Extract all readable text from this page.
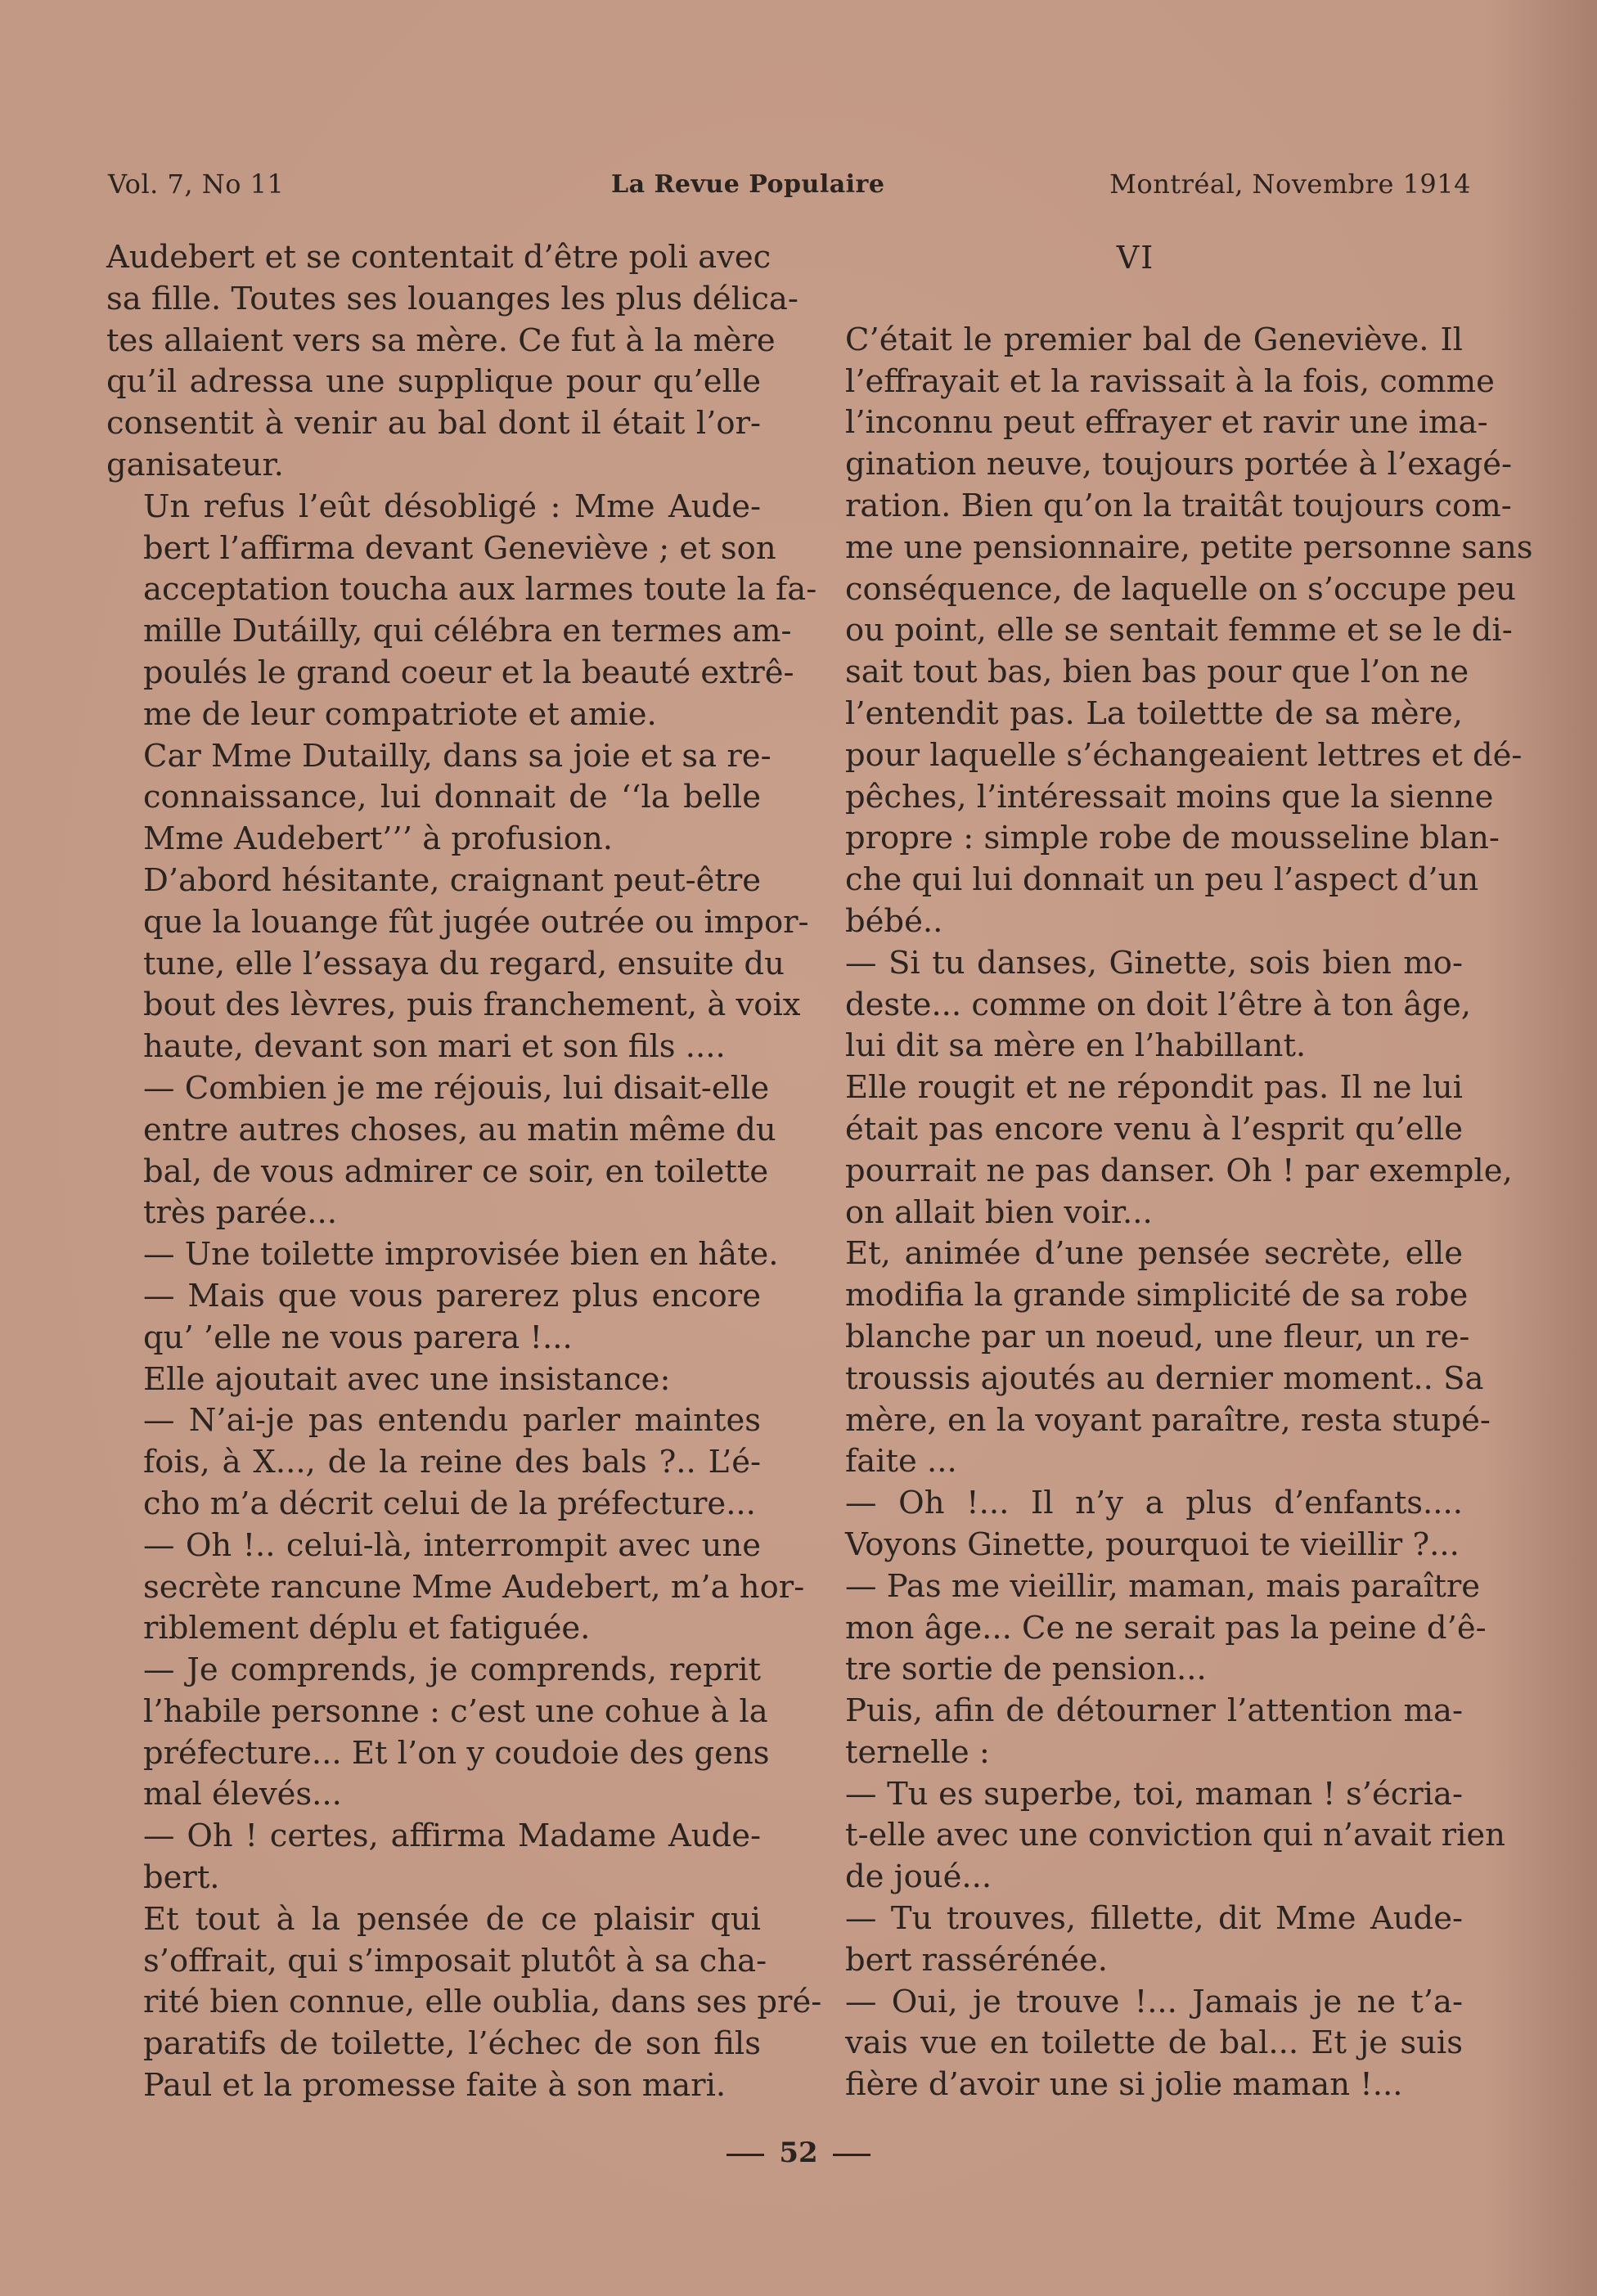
Vol. 7, No 11	La Revue Populaire	Montréal, Novembre 1914

Audebert et se contentait d’être poli avec
sa fille. Toutes ses louanges les plus délica-
tes allaient vers sa mère. Ce fut à la mère
qu’il adressa une supplique pour qu’elle
consentit à venir au bal dont il était l’or-
ganisateur.

Un refus l’eût désobligé : Mme Aude-
bert l’affirma devant Geneviève ; et son
acceptation toucha aux larmes toute la fa-
mille Dutáilly, qui célébra en termes am-
poulés le grand coeur et la beauté extrê-
me de leur compatriote et amie.

Car Mme Dutailly, dans sa joie et sa re-
connaissance, lui donnait de ‘‘la belle
Mme Audebert’’’ à profusion.

D’abord hésitante, craignant peut-être
que la louange fût jugée outrée ou impor-
tune, elle l’essaya du regard, ensuite du
bout des lèvres, puis franchement, à voix
haute, devant son mari et son fils ....

— Combien je me réjouis, lui disait-elle
entre autres choses, au matin même du
bal, de vous admirer ce soir, en toilette
très parée...

— Une toilette improvisée bien en hâte.

— Mais que vous parerez plus encore
qu’ ’elle ne vous parera !...

Elle ajoutait avec une insistance:

— N’ai-je pas entendu parler maintes
fois, à X..., de la reine des bals ?.. L’é-
cho m’a décrit celui de la préfecture...

— Oh !.. celui-là, interrompit avec une
secrète rancune Mme Audebert, m’a hor-
riblement déplu et fatiguée.

— Je comprends, je comprends, reprit
l’habile personne : c’est une cohue à la
préfecture... Et l’on y coudoie des gens
mal élevés...

— Oh ! certes, affirma Madame Aude-
bert.

Et tout à la pensée de ce plaisir qui
s’offrait, qui s’imposait plutôt à sa cha-
rité bien connue, elle oublia, dans ses pré-
paratifs de toilette, l’échec de son fils
Paul et la promesse faite à son mari.

VI

C’était le premier bal de Geneviève. Il
l’effrayait et la ravissait à la fois, comme
l’inconnu peut effrayer et ravir une ima-
gination neuve, toujours portée à l’exagé-
ration. Bien qu’on la traitât toujours com-
me une pensionnaire, petite personne sans
conséquence, de laquelle on s’occupe peu
ou point, elle se sentait femme et se le di-
sait tout bas, bien bas pour que l’on ne
l’entendit pas. La toilettte de sa mère,
pour laquelle s’échangeaient lettres et dé-
pêches, l’intéressait moins que la sienne
propre : simple robe de mousseline blan-
che qui lui donnait un peu l’aspect d’un
bébé..

— Si tu danses, Ginette, sois bien mo-
deste... comme on doit l’être à ton âge,
lui dit sa mère en l’habillant.

Elle rougit et ne répondit pas. Il ne lui
était pas encore venu à l’esprit qu’elle
pourrait ne pas danser. Oh ! par exemple,
on allait bien voir...

Et, animée d’une pensée secrète, elle
modifia la grande simplicité de sa robe
blanche par un noeud, une fleur, un re-
troussis ajoutés au dernier moment.. Sa
mère, en la voyant paraître, resta stupé-
faite ...

— Oh !... Il n’y a plus d’enfants....
Voyons Ginette, pourquoi te vieillir ?...

— Pas me vieillir, maman, mais paraître
mon âge... Ce ne serait pas la peine d’ê-
tre sortie de pension...

Puis, afin de détourner l’attention ma-
ternelle :

— Tu es superbe, toi, maman ! s’écria-
t-elle avec une conviction qui n’avait rien
de joué...

— Tu trouves, fillette, dit Mme Aude-
bert rassérénée.

— Oui, je trouve !... Jamais je ne t’a-
vais vue en toilette de bal... Et je suis
fière d’avoir une si jolie maman !...

52
